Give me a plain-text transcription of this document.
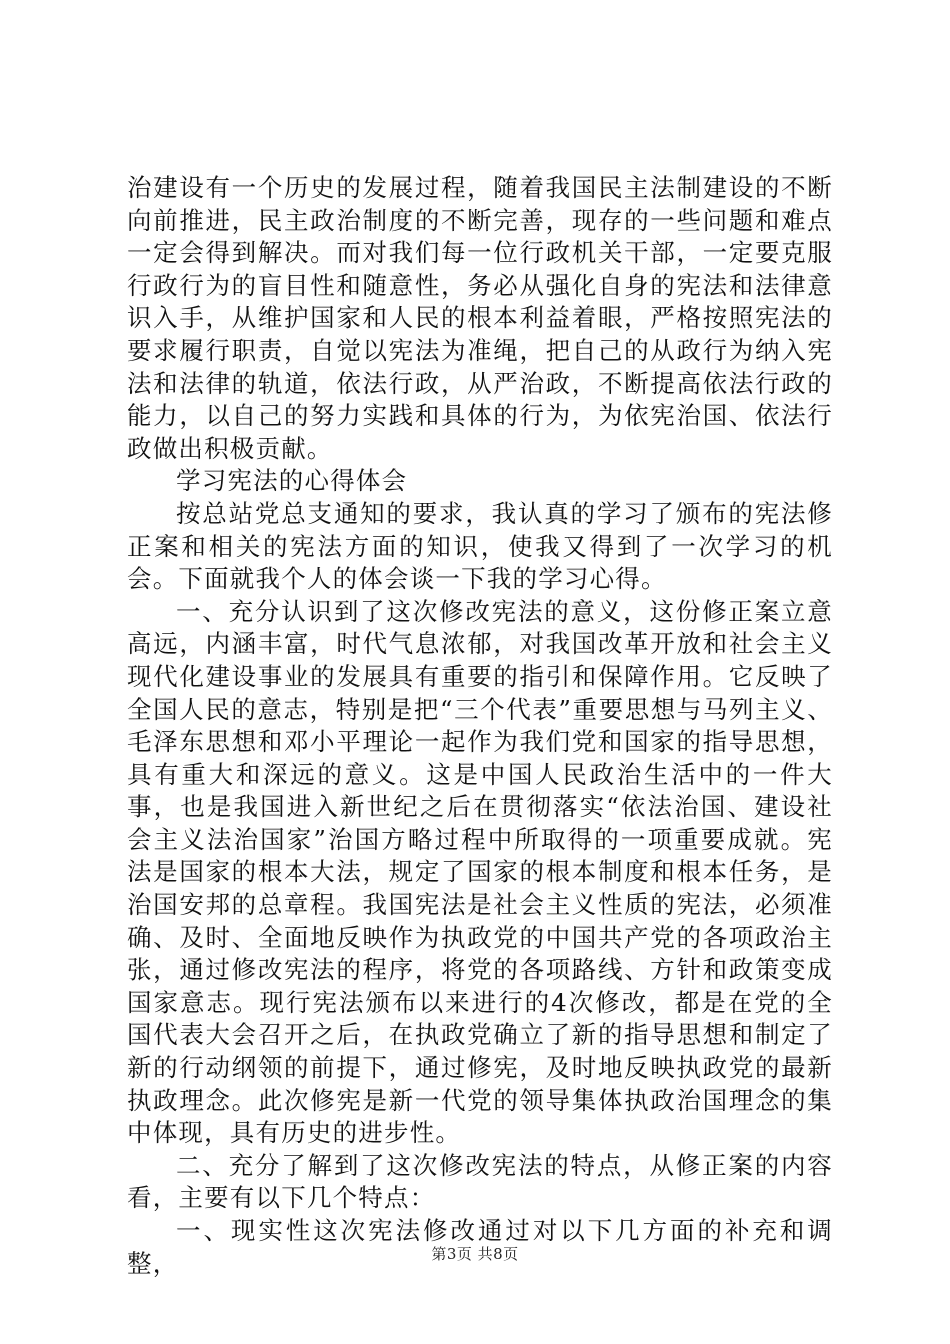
治建设有一个历史的发展过程，随着我国民主法制建设的不断向前推进，民主政治制度的不断完善，现存的一些问题和难点一定会得到解决。而对我们每一位行政机关干部，一定要克服行政行为的盲目性和随意性，务必从强化自身的宪法和法律意识入手，从维护国家和人民的根本利益着眼，严格按照宪法的要求履行职责，自觉以宪法为准绳，把自己的从政行为纳入宪法和法律的轨道，依法行政，从严治政，不断提高依法行政的能力，以自己的努力实践和具体的行为，为依宪治国、依法行政做出积极贡献。

学习宪法的心得体会

按总站党总支通知的要求，我认真的学习了颁布的宪法修正案和相关的宪法方面的知识，使我又得到了一次学习的机会。下面就我个人的体会谈一下我的学习心得。

一、充分认识到了这次修改宪法的意义，这份修正案立意高远，内涵丰富，时代气息浓郁，对我国改革开放和社会主义现代化建设事业的发展具有重要的指引和保障作用。它反映了全国人民的意志，特别是把“三个代表”重要思想与马列主义、毛泽东思想和邓小平理论一起作为我们党和国家的指导思想，具有重大和深远的意义。这是中国人民政治生活中的一件大事，也是我国进入新世纪之后在贯彻落实“依法治国、建设社会主义法治国家”治国方略过程中所取得的一项重要成就。宪法是国家的根本大法，规定了国家的根本制度和根本任务，是治国安邦的总章程。我国宪法是社会主义性质的宪法，必须准确、及时、全面地反映作为执政党的中国共产党的各项政治主张，通过修改宪法的程序，将党的各项路线、方针和政策变成国家意志。现行宪法颁布以来进行的4次修改，都是在党的全国代表大会召开之后，在执政党确立了新的指导思想和制定了新的行动纲领的前提下，通过修宪，及时地反映执政党的最新执政理念。此次修宪是新一代党的领导集体执政治国理念的集中体现，具有历史的进步性。

二、充分了解到了这次修改宪法的特点，从修正案的内容看，主要有以下几个特点：

一、现实性这次宪法修改通过对以下几方面的补充和调整，	第3页 共8页
